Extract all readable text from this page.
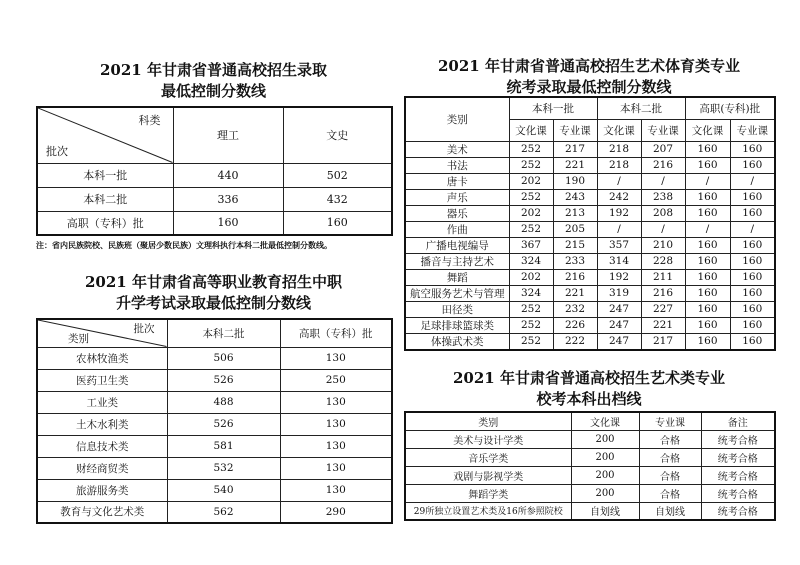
2021 年甘肃省普通高校招生录取
最低控制分数线
科类
批次	理工	文史
本科一批	440	502
本科二批	336	432
高职（专科）批	160	160
注：省内民族院校、民族班（聚居少数民族）文理科执行本科二批最低控制分数线。
2021 年甘肃省高等职业教育招生中职
升学考试录取最低控制分数线
批次
类别	本科二批	高职（专科）批
农林牧渔类	506	130
医药卫生类	526	250
工业类	488	130
土木水利类	526	130
信息技术类	581	130
财经商贸类	532	130
旅游服务类	540	130
教育与文化艺术类	562	290
2021 年甘肃省普通高校招生艺术体育类专业
统考录取最低控制分数线
类别	本科一批		本科二批		高职(专科)批	
	文化课	专业课	文化课	专业课	文化课	专业课
美术	252	217	218	207	160	160
书法	252	221	218	216	160	160
唐卡	202	190	/	/	/	/
声乐	252	243	242	238	160	160
器乐	202	213	192	208	160	160
作曲	252	205	/	/	/	/
广播电视编导	367	215	357	210	160	160
播音与主持艺术	324	233	314	228	160	160
舞蹈	202	216	192	211	160	160
航空服务艺术与管理	324	221	319	216	160	160
田径类	252	232	247	227	160	160
足球排球篮球类	252	226	247	221	160	160
体操武术类	252	222	247	217	160	160
2021 年甘肃省普通高校招生艺术类专业
校考本科出档线
类别	文化课	专业课	备注
美术与设计学类	200	合格	统考合格
音乐学类	200	合格	统考合格
戏剧与影视学类	200	合格	统考合格
舞蹈学类	200	合格	统考合格
29所独立设置艺术类及16所参照院校	自划线	自划线	统考合格
